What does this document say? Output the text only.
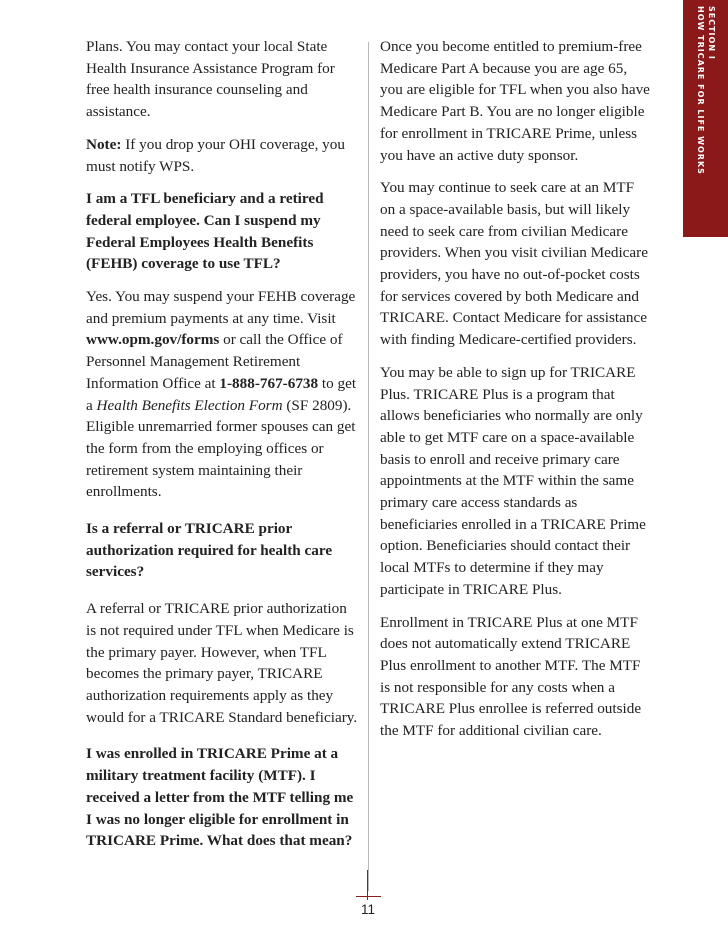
SECTION I
HOW TRICARE FOR LIFE WORKS

Plans. You may contact your local State Health Insurance Assistance Program for free health insurance counseling and assistance.

Note: If you drop your OHI coverage, you must notify WPS.

I am a TFL beneficiary and a retired federal employee. Can I suspend my Federal Employees Health Benefits (FEHB) coverage to use TFL?

Yes. You may suspend your FEHB coverage and premium payments at any time. Visit www.opm.gov/forms or call the Office of Personnel Management Retirement Information Office at 1-888-767-6738 to get a Health Benefits Election Form (SF 2809). Eligible unremarried former spouses can get the form from the employing offices or retirement system maintaining their enrollments.

Is a referral or TRICARE prior authorization required for health care services?

A referral or TRICARE prior authorization is not required under TFL when Medicare is the primary payer. However, when TFL becomes the primary payer, TRICARE authorization requirements apply as they would for a TRICARE Standard beneficiary.

I was enrolled in TRICARE Prime at a military treatment facility (MTF). I received a letter from the MTF telling me I was no longer eligible for enrollment in TRICARE Prime. What does that mean?

Once you become entitled to premium-free Medicare Part A because you are age 65, you are eligible for TFL when you also have Medicare Part B. You are no longer eligible for enrollment in TRICARE Prime, unless you have an active duty sponsor.

You may continue to seek care at an MTF on a space-available basis, but will likely need to seek care from civilian Medicare providers. When you visit civilian Medicare providers, you have no out-of-pocket costs for services covered by both Medicare and TRICARE. Contact Medicare for assistance with finding Medicare-certified providers.

You may be able to sign up for TRICARE Plus. TRICARE Plus is a program that allows beneficiaries who normally are only able to get MTF care on a space-available basis to enroll and receive primary care appointments at the MTF within the same primary care access standards as beneficiaries enrolled in a TRICARE Prime option. Beneficiaries should contact their local MTFs to determine if they may participate in TRICARE Plus.

Enrollment in TRICARE Plus at one MTF does not automatically extend TRICARE Plus enrollment to another MTF. The MTF is not responsible for any costs when a TRICARE Plus enrollee is referred outside the MTF for additional civilian care.

11
